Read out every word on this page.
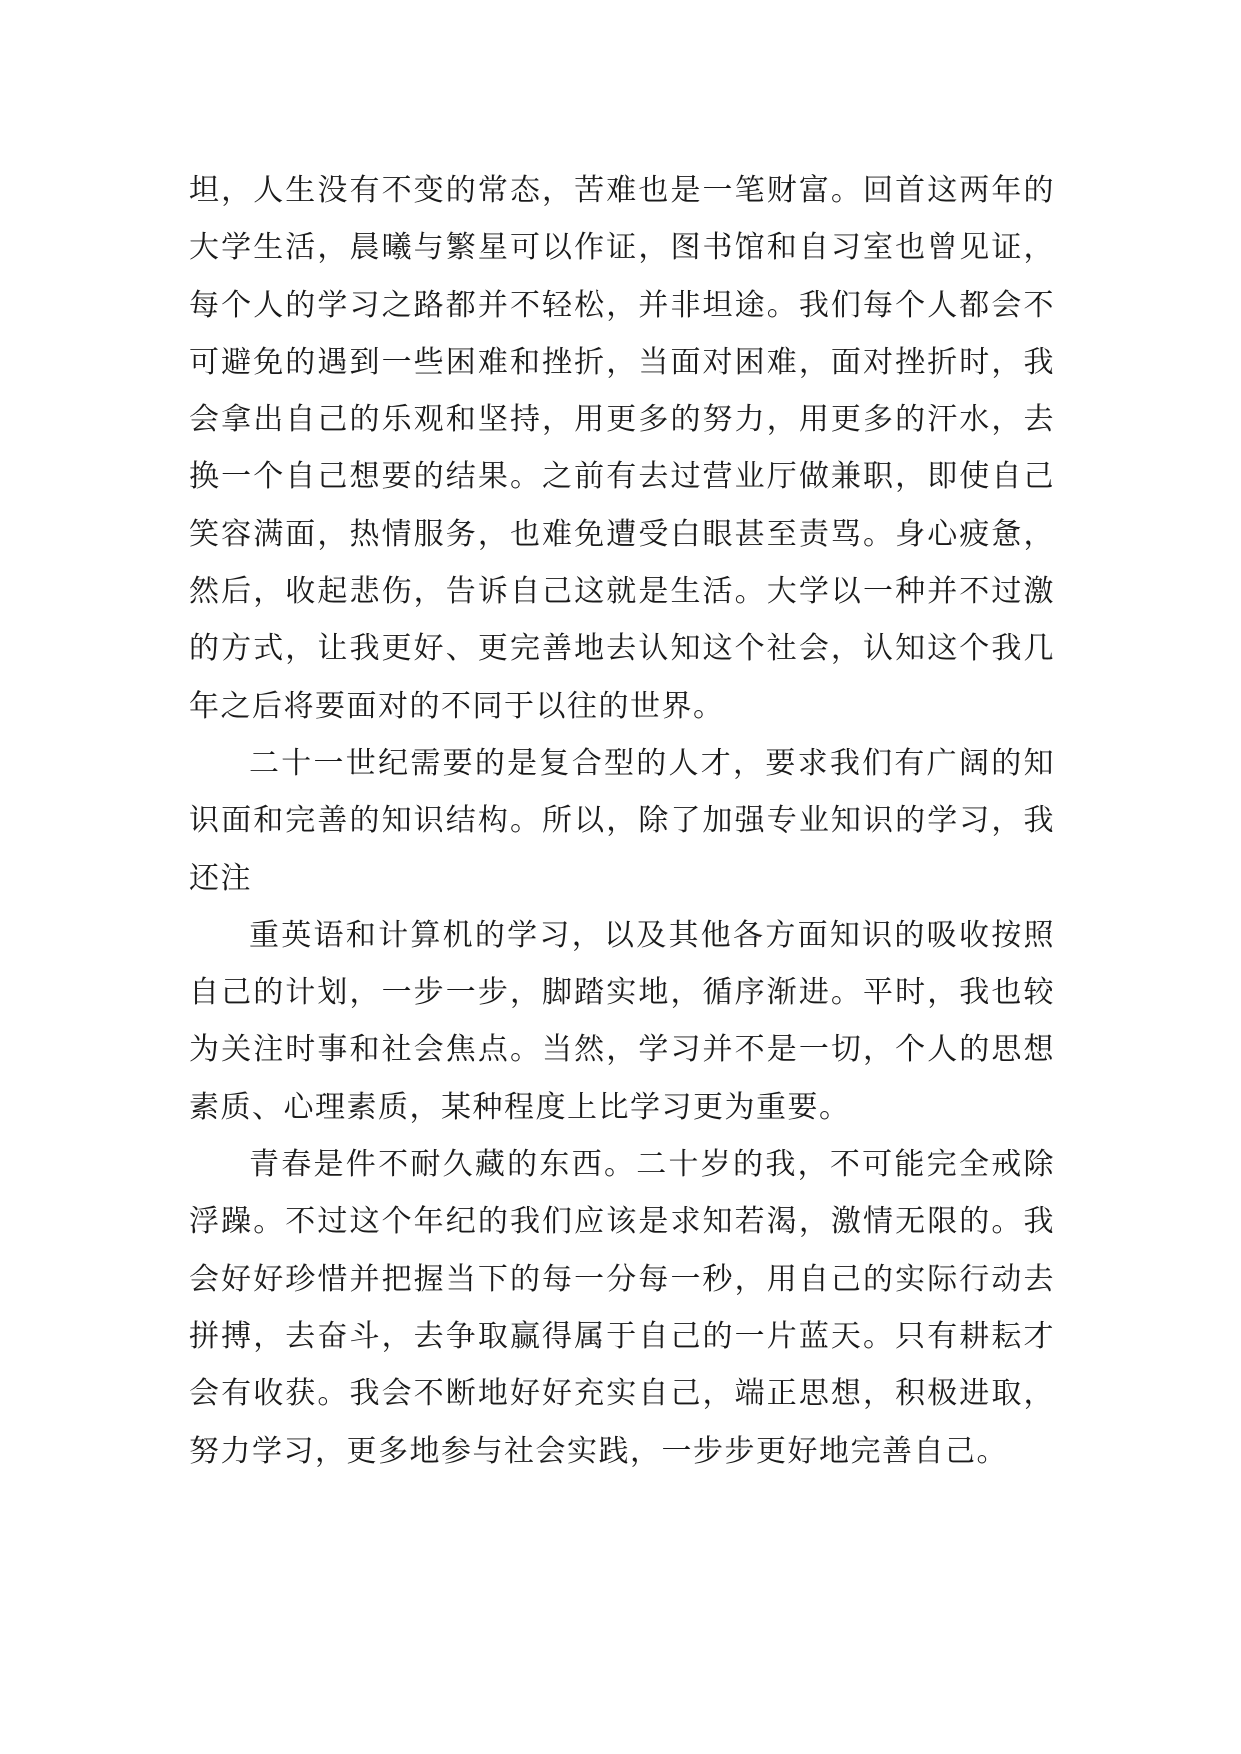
坦，人生没有不变的常态，苦难也是一笔财富。回首这两年的大学生活，晨曦与繁星可以作证，图书馆和自习室也曾见证，每个人的学习之路都并不轻松，并非坦途。我们每个人都会不可避免的遇到一些困难和挫折，当面对困难，面对挫折时，我会拿出自己的乐观和坚持，用更多的努力，用更多的汗水，去换一个自己想要的结果。之前有去过营业厅做兼职，即使自己笑容满面，热情服务，也难免遭受白眼甚至责骂。身心疲惫，然后，收起悲伤，告诉自己这就是生活。大学以一种并不过激的方式，让我更好、更完善地去认知这个社会，认知这个我几年之后将要面对的不同于以往的世界。

二十一世纪需要的是复合型的人才，要求我们有广阔的知识面和完善的知识结构。所以，除了加强专业知识的学习，我还注

重英语和计算机的学习，以及其他各方面知识的吸收按照自己的计划，一步一步，脚踏实地，循序渐进。平时，我也较为关注时事和社会焦点。当然，学习并不是一切，个人的思想素质、心理素质，某种程度上比学习更为重要。

青春是件不耐久藏的东西。二十岁的我，不可能完全戒除浮躁。不过这个年纪的我们应该是求知若渴，激情无限的。我会好好珍惜并把握当下的每一分每一秒，用自己的实际行动去拼搏，去奋斗，去争取赢得属于自己的一片蓝天。只有耕耘才会有收获。我会不断地好好充实自己，端正思想，积极进取，努力学习，更多地参与社会实践，一步步更好地完善自己。
